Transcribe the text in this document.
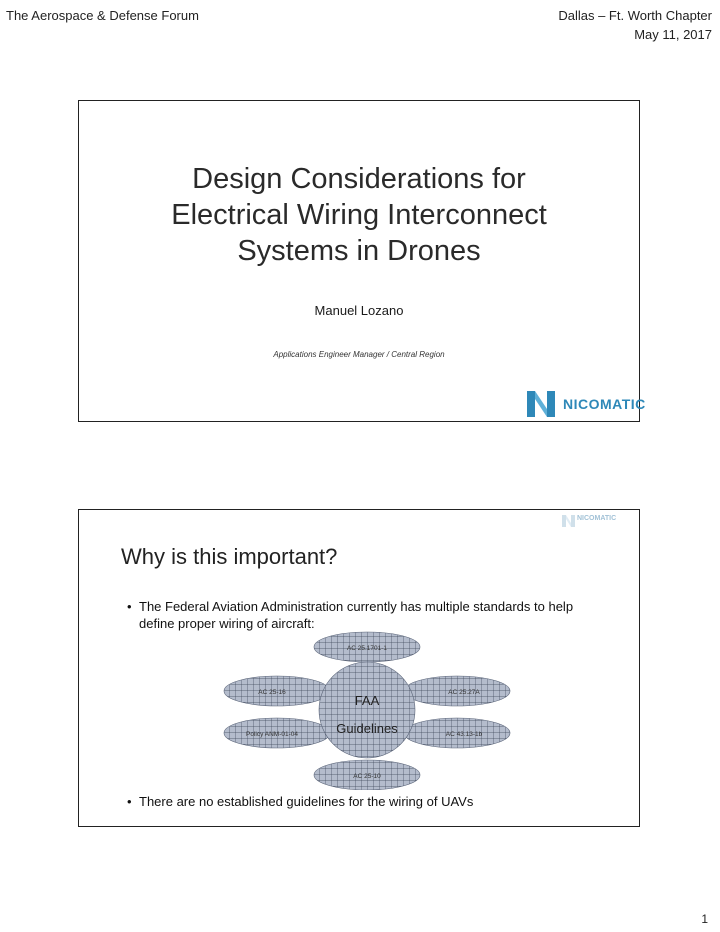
The Aerospace & Defense Forum	Dallas – Ft. Worth Chapter
May 11, 2017
Design Considerations for
Electrical Wiring Interconnect
Systems in Drones
Manuel Lozano
Applications Engineer Manager / Central Region
NICOMATIC
NICOMATIC
Why is this important?
• The Federal Aviation Administration currently has multiple standards to help define proper wiring of aircraft:
FAA
Guidelines
AC 25.1701-1
AC 25-16	AC 25.27A
Policy ANM-01-04	AC 43.13-1b
AC 25-10
• There are no established guidelines for the wiring of UAVs
1
